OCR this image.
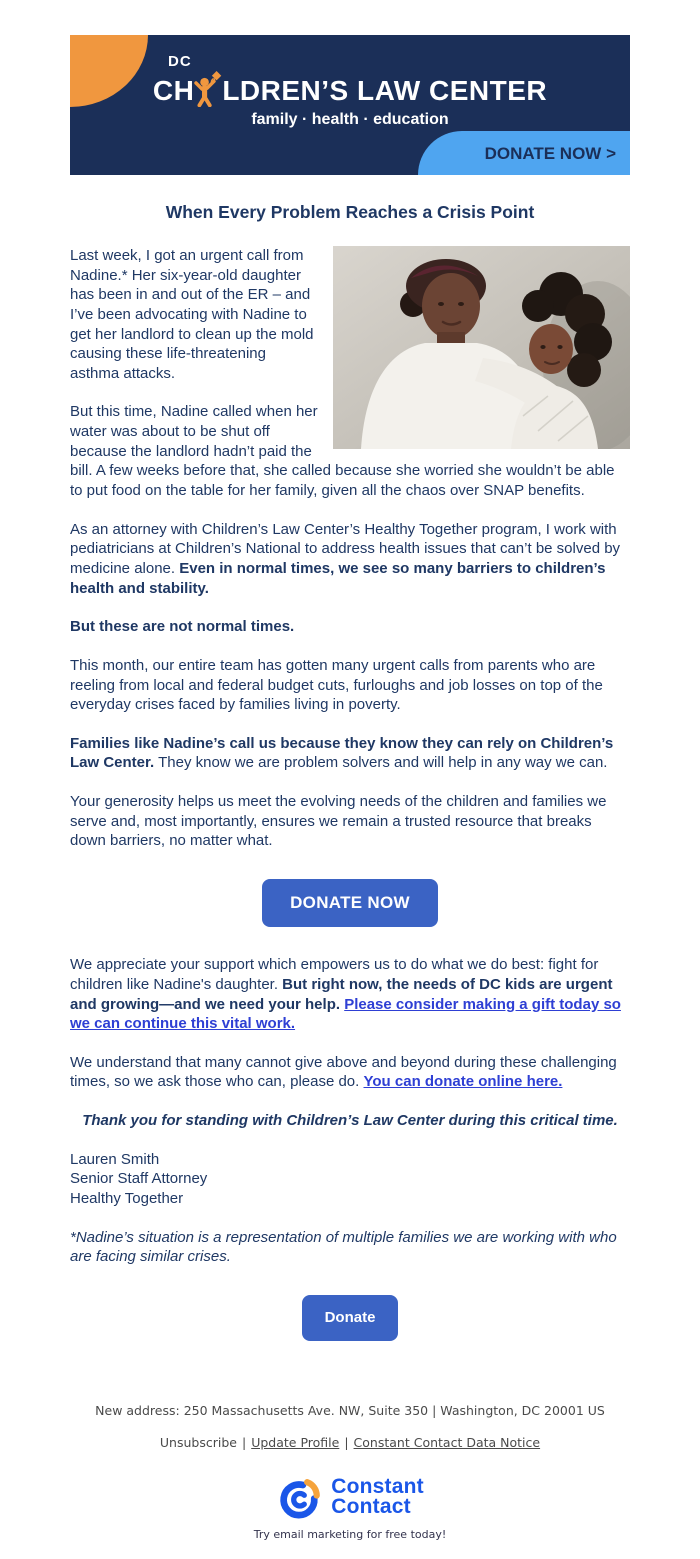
DC
CH LDREN’S LAW CENTER
family · health · education
DONATE NOW >
When Every Problem Reaches a Crisis Point

Last week, I got an urgent call from Nadine.* Her six-year-old daughter has been in and out of the ER – and I’ve been advocating with Nadine to get her landlord to clean up the mold causing these life-threatening asthma attacks.

But this time, Nadine called when her water was about to be shut off because the landlord hadn’t paid the bill. A few weeks before that, she called because she worried she wouldn’t be able to put food on the table for her family, given all the chaos over SNAP benefits.

As an attorney with Children’s Law Center’s Healthy Together program, I work with pediatricians at Children’s National to address health issues that can’t be solved by medicine alone. Even in normal times, we see so many barriers to children’s health and stability.

But these are not normal times.

This month, our entire team has gotten many urgent calls from parents who are reeling from local and federal budget cuts, furloughs and job losses on top of the everyday crises faced by families living in poverty.

Families like Nadine’s call us because they know they can rely on Children’s Law Center. They know we are problem solvers and will help in any way we can.

Your generosity helps us meet the evolving needs of the children and families we serve and, most importantly, ensures we remain a trusted resource that breaks down barriers, no matter what.

DONATE NOW

We appreciate your support which empowers us to do what we do best: fight for children like Nadine's daughter. But right now, the needs of DC kids are urgent and growing—and we need your help. Please consider making a gift today so we can continue this vital work.

We understand that many cannot give above and beyond during these challenging times, so we ask those who can, please do. You can donate online here.

Thank you for standing with Children’s Law Center during this critical time.

Lauren Smith
Senior Staff Attorney
Healthy Together

*Nadine’s situation is a representation of multiple families we are working with who are facing similar crises.

Donate
New address: 250 Massachusetts Ave. NW, Suite 350 | Washington, DC 20001 US
Unsubscribe | Update Profile | Constant Contact Data Notice
Constant
Contact
Try email marketing for free today!
